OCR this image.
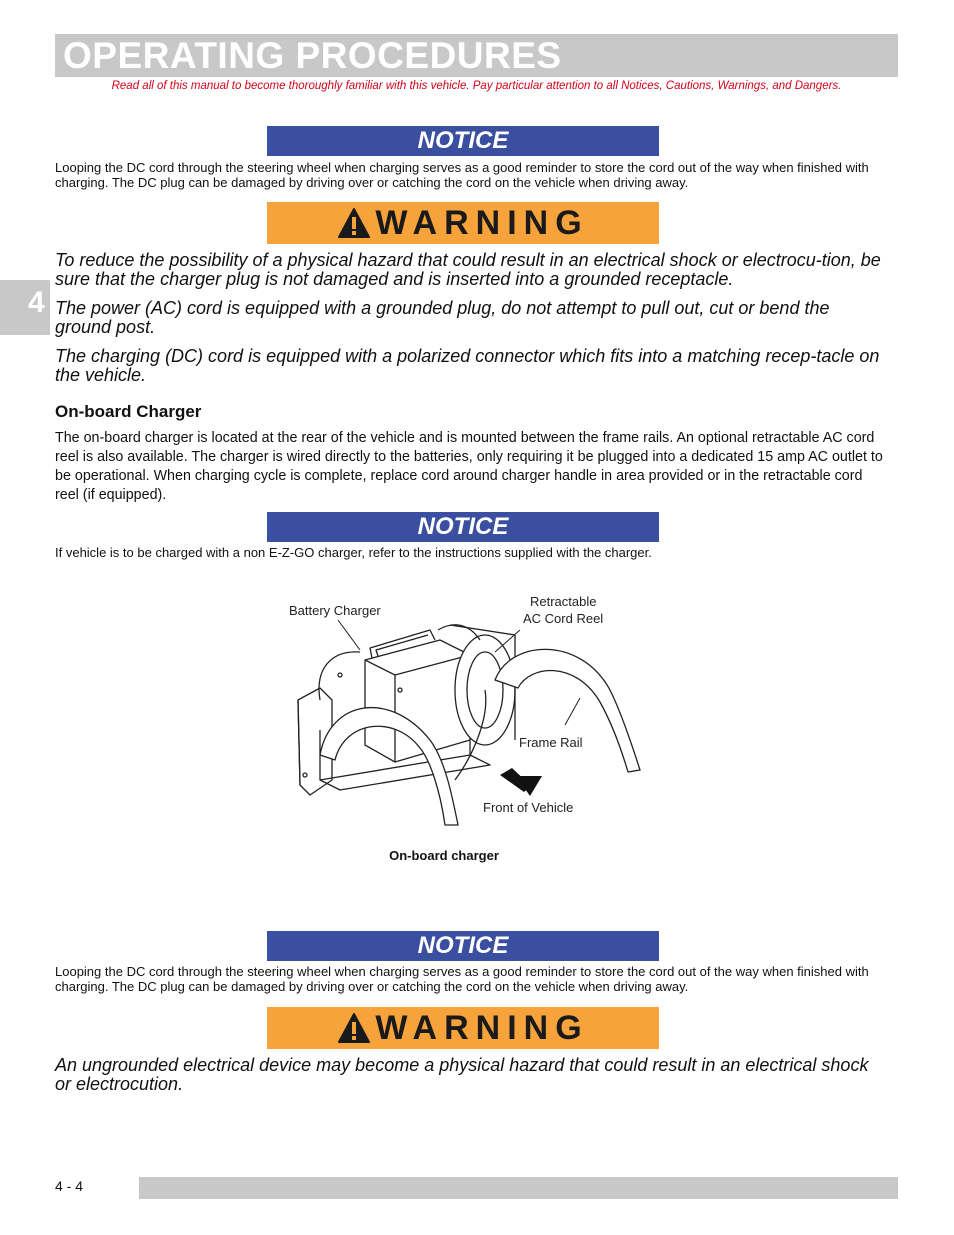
OPERATING PROCEDURES
Read all of this manual to become thoroughly familiar with this vehicle. Pay particular attention to all Notices, Cautions, Warnings, and Dangers.
4
NOTICE
Looping the DC cord through the steering wheel when charging serves as a good reminder to store the cord out of the way when finished with charging. The DC plug can be damaged by driving over or catching the cord on the vehicle when driving away.
WARNING
To reduce the possibility of a physical hazard that could result in an electrical shock or electrocu-tion, be sure that the charger plug is not damaged and is inserted into a grounded receptacle.
The power (AC) cord is equipped with a grounded plug, do not attempt to pull out, cut or bend the ground post.
The charging (DC) cord is equipped with a polarized connector which fits into a matching recep-tacle on the vehicle.
On-board Charger
The on-board charger is located at the rear of the vehicle and is mounted between the frame rails. An optional retractable AC cord reel is also available. The charger is wired directly to the batteries, only requiring it be plugged into a dedicated 15 amp AC outlet to be operational. When charging cycle is complete, replace cord around charger handle in area provided or in the retractable cord reel (if equipped).
NOTICE
If vehicle is to be charged with a non E-Z-GO charger, refer to the instructions supplied with the charger.
Battery Charger
Retractable
AC Cord Reel
Frame Rail
Front of Vehicle
On-board charger
NOTICE
Looping the DC cord through the steering wheel when charging serves as a good reminder to store the cord out of the way when finished with charging. The DC plug can be damaged by driving over or catching the cord on the vehicle when driving away.
WARNING
An ungrounded electrical device may become a physical hazard that could result in an electrical shock or electrocution.
4 - 4
